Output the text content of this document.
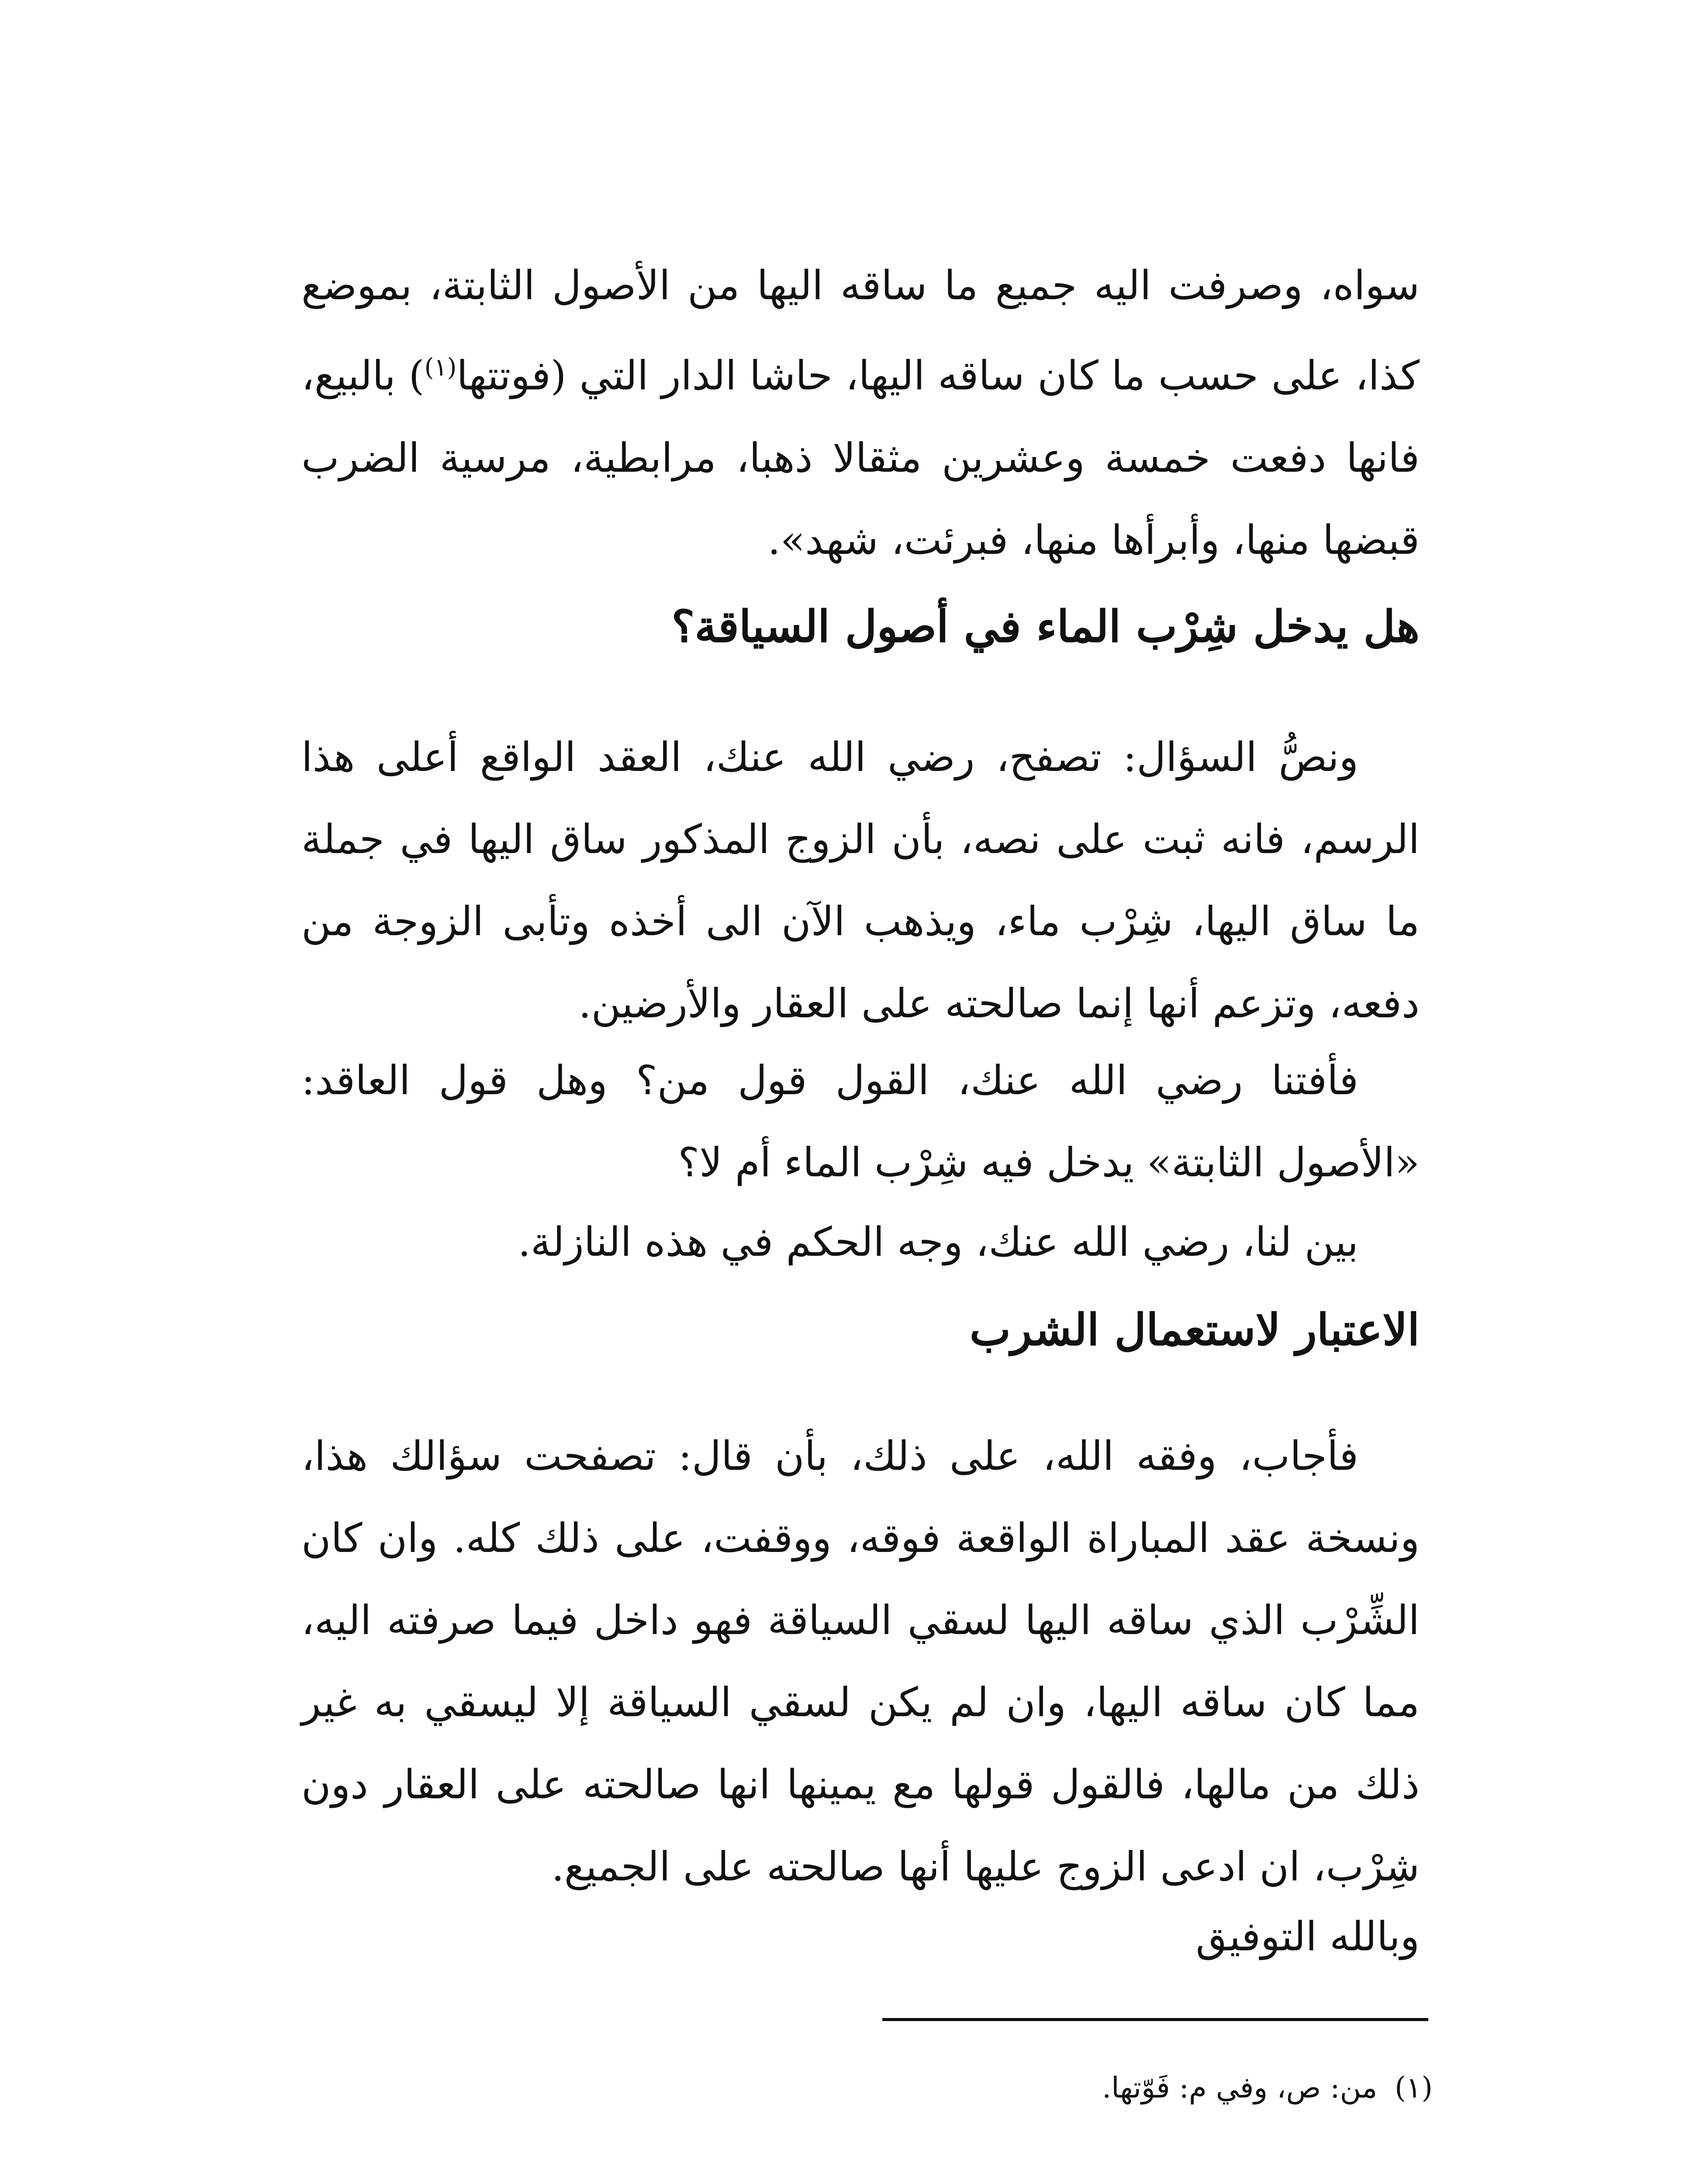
سواه، وصرفت اليه جميع ما ساقه اليها من الأصول الثابتة، بموضع كذا، على حسب ما كان ساقه اليها، حاشا الدار التي (فوتتها$^{(١)}$) بالبيع، فانها دفعت خمسة وعشرين مثقالا ذهبا، مرابطية، مرسية الضرب قبضها منها، وأبرأها منها، فبرئت، شهد».

هل يدخل شِرْب الماء في أصول السياقة؟

ونصُّ السؤال: تصفح، رضي الله عنك، العقد الواقع أعلى هذا الرسم، فانه ثبت على نصه، بأن الزوج المذكور ساق اليها في جملة ما ساق اليها، شِرْب ماء، ويذهب الآن الى أخذه وتأبى الزوجة من دفعه، وتزعم أنها إنما صالحته على العقار والأرضين.

فأفتنا رضي الله عنك، القول قول من؟ وهل قول العاقد: «الأصول الثابتة» يدخل فيه شِرْب الماء أم لا؟

بين لنا، رضي الله عنك، وجه الحكم في هذه النازلة.

الاعتبار لاستعمال الشرب

فأجاب، وفقه الله، على ذلك، بأن قال: تصفحت سؤالك هذا، ونسخة عقد المباراة الواقعة فوقه، ووقفت، على ذلك كله. وان كان الشِّرْب الذي ساقه اليها لسقي السياقة فهو داخل فيما صرفته اليه، مما كان ساقه اليها، وان لم يكن لسقي السياقة إلا ليسقي به غير ذلك من مالها، فالقول قولها مع يمينها انها صالحته على العقار دون شِرْب، ان ادعى الزوج عليها أنها صالحته على الجميع.

وبالله التوفيق

(١)من: ص، وفي م: فَوّتها.
